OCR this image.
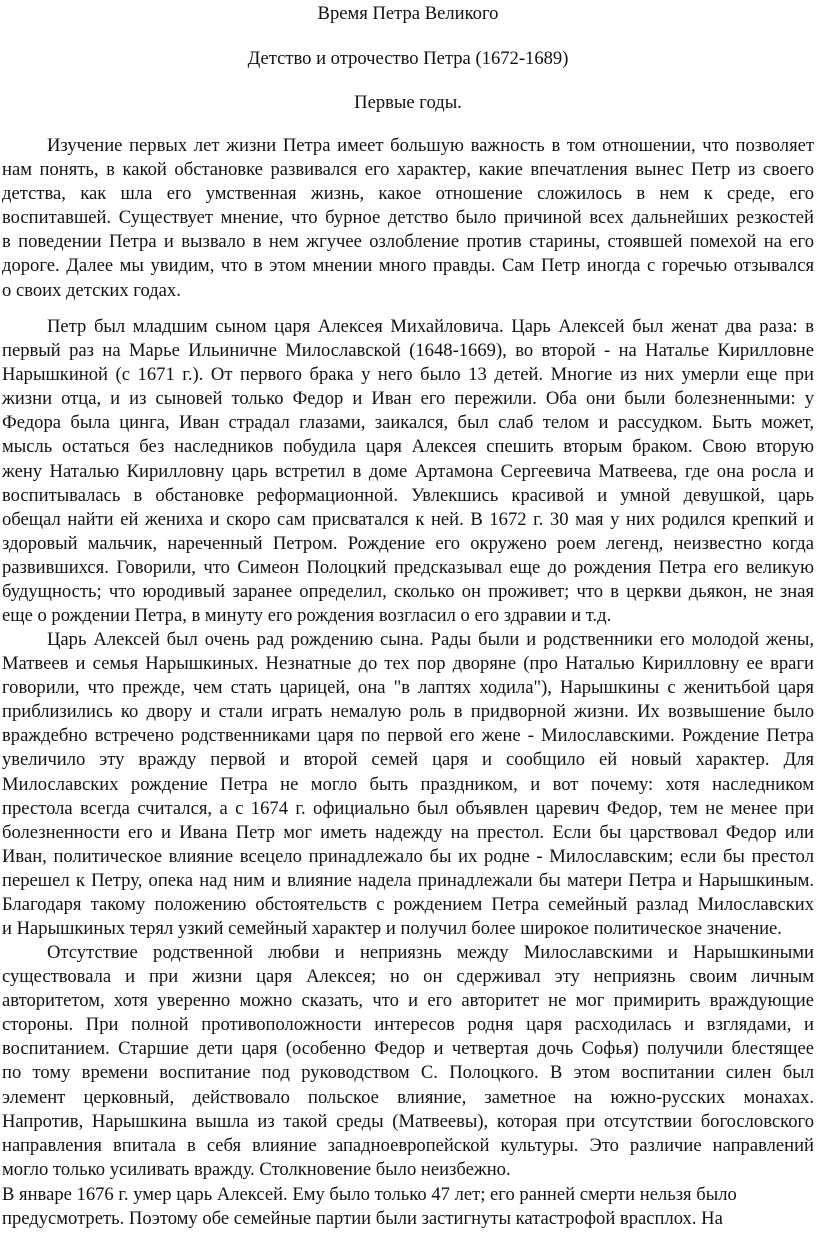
Время Петра Великого
Детство и отрочество Петра (1672-1689)
Первые годы.
Изучение первых лет жизни Петра имеет большую важность в том отношении, что позволяет
нам понять, в какой обстановке развивался его характер, какие впечатления вынес Петр из своего
детства, как шла его умственная жизнь, какое отношение сложилось в нем к среде, его
воспитавшей. Существует мнение, что бурное детство было причиной всех дальнейших резкостей
в поведении Петра и вызвало в нем жгучее озлобление против старины, стоявшей помехой на его
дороге. Далее мы увидим, что в этом мнении много правды. Сам Петр иногда с горечью отзывался
о своих детских годах.
Петр был младшим сыном царя Алексея Михайловича. Царь Алексей был женат два раза: в
первый раз на Марье Ильиничне Милославской (1648-1669), во второй - на Наталье Кирилловне
Нарышкиной (с 1671 г.). От первого брака у него было 13 детей. Многие из них умерли еще при
жизни отца, и из сыновей только Федор и Иван его пережили. Оба они были болезненными: у
Федора была цинга, Иван страдал глазами, заикался, был слаб телом и рассудком. Быть может,
мысль остаться без наследников побудила царя Алексея спешить вторым браком. Свою вторую
жену Наталью Кирилловну царь встретил в доме Артамона Сергеевича Матвеева, где она росла и
воспитывалась в обстановке реформационной. Увлекшись красивой и умной девушкой, царь
обещал найти ей жениха и скоро сам присватался к ней. В 1672 г. 30 мая у них родился крепкий и
здоровый мальчик, нареченный Петром. Рождение его окружено роем легенд, неизвестно когда
развившихся. Говорили, что Симеон Полоцкий предсказывал еще до рождения Петра его великую
будущность; что юродивый заранее определил, сколько он проживет; что в церкви дьякон, не зная
еще о рождении Петра, в минуту его рождения возгласил о его здравии и т.д.
Царь Алексей был очень рад рождению сына. Рады были и родственники его молодой жены,
Матвеев и семья Нарышкиных. Незнатные до тех пор дворяне (про Наталью Кирилловну ее враги
говорили, что прежде, чем стать царицей, она "в лаптях ходила"), Нарышкины с женитьбой царя
приблизились ко двору и стали играть немалую роль в придворной жизни. Их возвышение было
враждебно встречено родственниками царя по первой его жене - Милославскими. Рождение Петра
увеличило эту вражду первой и второй семей царя и сообщило ей новый характер. Для
Милославских рождение Петра не могло быть праздником, и вот почему: хотя наследником
престола всегда считался, а с 1674 г. официально был объявлен царевич Федор, тем не менее при
болезненности его и Ивана Петр мог иметь надежду на престол. Если бы царствовал Федор или
Иван, политическое влияние всецело принадлежало бы их родне - Милославским; если бы престол
перешел к Петру, опека над ним и влияние надела принадлежали бы матери Петра и Нарышкиным.
Благодаря такому положению обстоятельств с рождением Петра семейный разлад Милославских
и Нарышкиных терял узкий семейный характер и получил более широкое политическое значение.
Отсутствие родственной любви и неприязнь между Милославскими и Нарышкиными
существовала и при жизни царя Алексея; но он сдерживал эту неприязнь своим личным
авторитетом, хотя уверенно можно сказать, что и его авторитет не мог примирить враждующие
стороны. При полной противоположности интересов родня царя расходилась и взглядами, и
воспитанием. Старшие дети царя (особенно Федор и четвертая дочь Софья) получили блестящее
по тому времени воспитание под руководством С. Полоцкого. В этом воспитании силен был
элемент церковный, действовало польское влияние, заметное на южно-русских монахах.
Напротив, Нарышкина вышла из такой среды (Матвеевы), которая при отсутствии богословского
направления впитала в себя влияние западноевропейской культуры. Это различие направлений
могло только усиливать вражду. Столкновение было неизбежно.
В январе 1676 г. умер царь Алексей. Ему было только 47 лет; его ранней смерти нельзя было
предусмотреть. Поэтому обе семейные партии были застигнуты катастрофой врасплох. На
